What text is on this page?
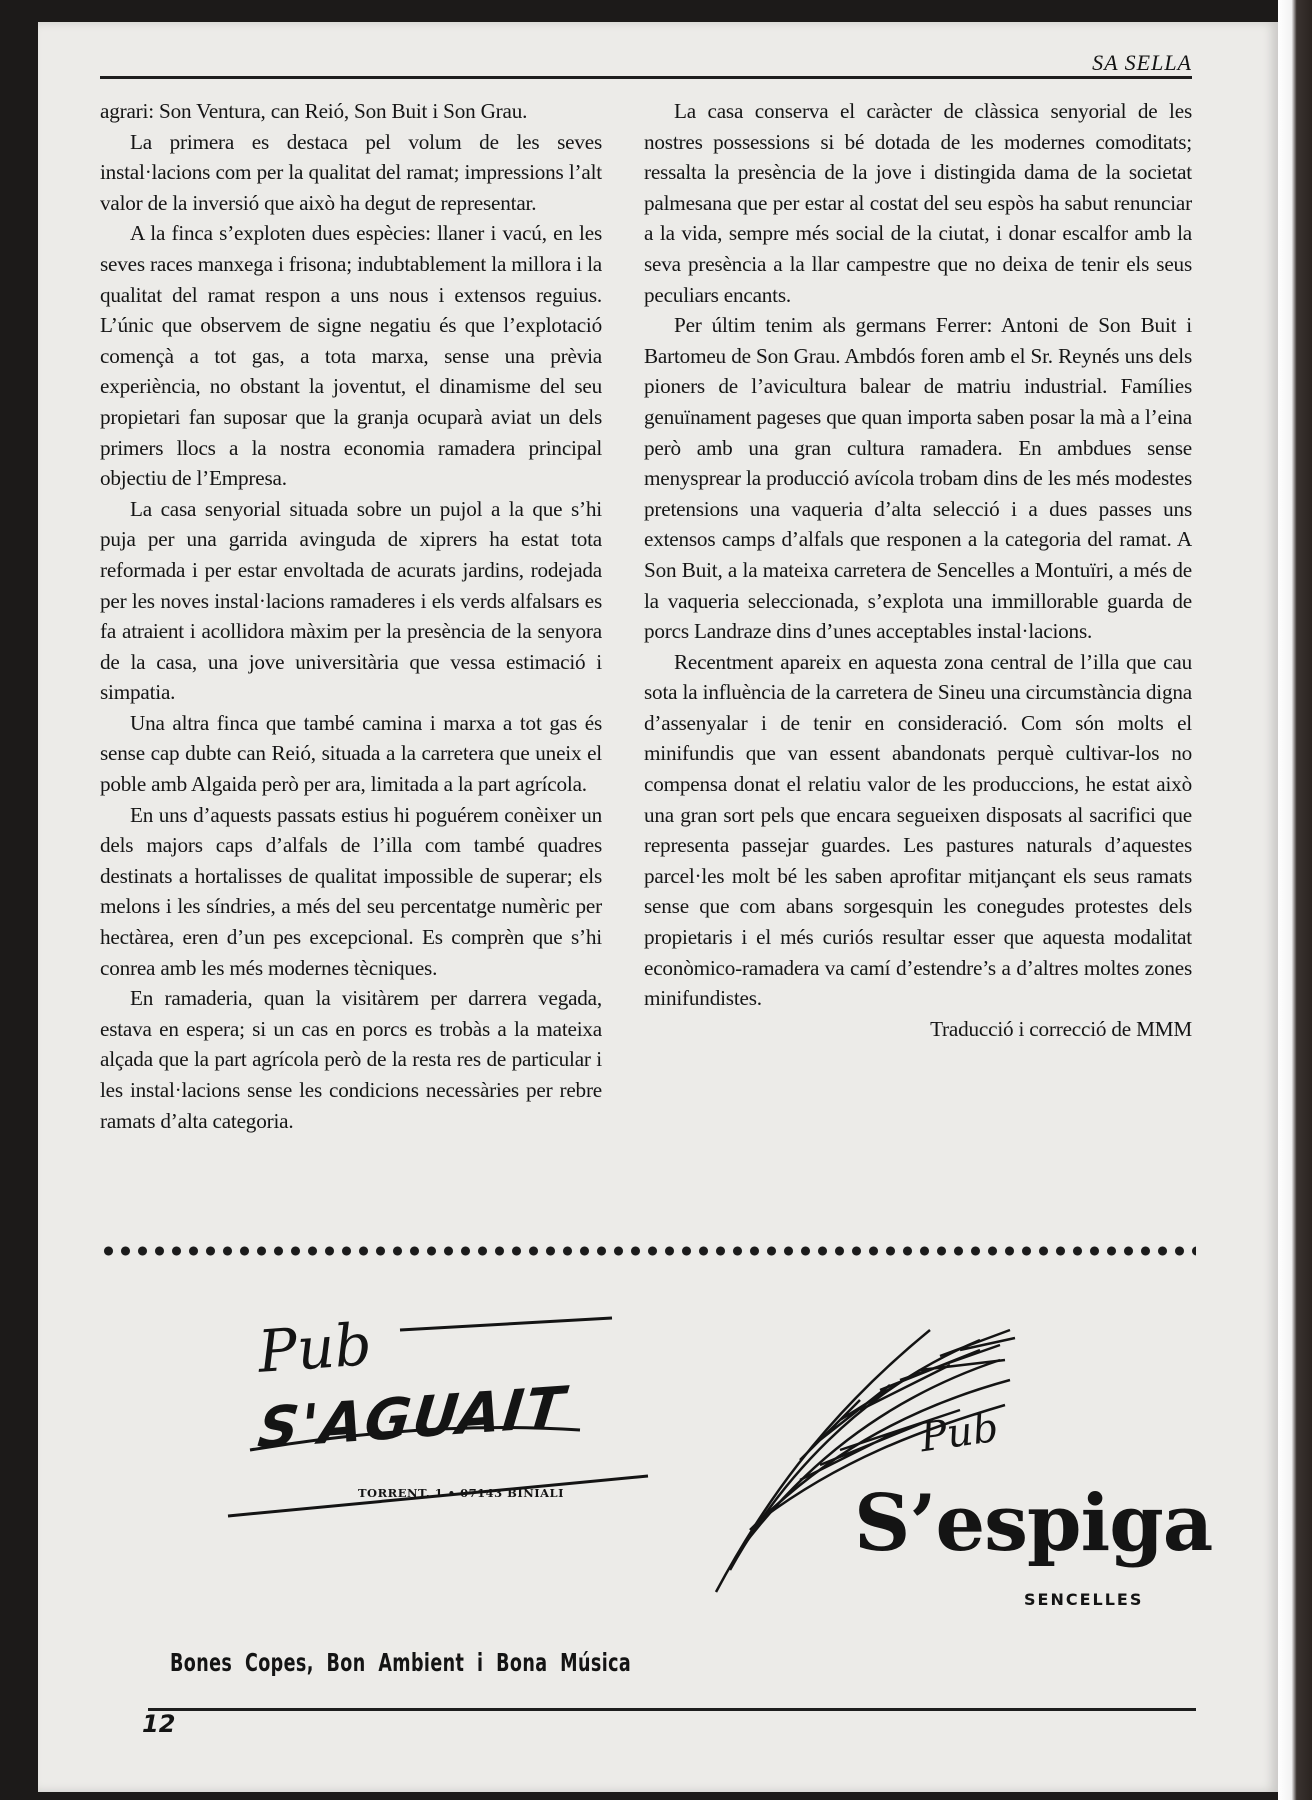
SA SELLA

agrari: Son Ventura, can Reió, Son Buit i Son Grau.

La primera es destaca pel volum de les seves instal·lacions com per la qualitat del ramat; impressions l’alt valor de la inversió que això ha degut de representar.

A la finca s’exploten dues espècies: llaner i vacú, en les seves races manxega i frisona; indubtablement la millora i la qualitat del ramat respon a uns nous i extensos reguius. L’únic que observem de signe negatiu és que l’explotació començà a tot gas, a tota marxa, sense una prèvia experiència, no obstant la joventut, el dinamisme del seu propietari fan suposar que la granja ocuparà aviat un dels primers llocs a la nostra economia ramadera principal objectiu de l’Empresa.

La casa senyorial situada sobre un pujol a la que s’hi puja per una garrida avinguda de xiprers ha estat tota reformada i per estar envoltada de acurats jardins, rodejada per les noves instal·lacions ramaderes i els verds alfalsars es fa atraient i acollidora màxim per la presència de la senyora de la casa, una jove universitària que vessa estimació i simpatia.

Una altra finca que també camina i marxa a tot gas és sense cap dubte can Reió, situada a la carretera que uneix el poble amb Algaida però per ara, limitada a la part agrícola.

En uns d’aquests passats estius hi poguérem conèixer un dels majors caps d’alfals de l’illa com també quadres destinats a hortalisses de qualitat impossible de superar; els melons i les síndries, a més del seu percentatge numèric per hectàrea, eren d’un pes excepcional. Es comprèn que s’hi conrea amb les més modernes tècniques.

En ramaderia, quan la visitàrem per darrera vegada, estava en espera; si un cas en porcs es trobàs a la mateixa alçada que la part agrícola però de la resta res de particular i les instal·lacions sense les condicions necessàries per rebre ramats d’alta categoria.

La casa conserva el caràcter de clàssica senyorial de les nostres possessions si bé dotada de les modernes comoditats; ressalta la presència de la jove i distingida dama de la societat palmesana que per estar al costat del seu espòs ha sabut renunciar a la vida, sempre més social de la ciutat, i donar escalfor amb la seva presència a la llar campestre que no deixa de tenir els seus peculiars encants.

Per últim tenim als germans Ferrer: Antoni de Son Buit i Bartomeu de Son Grau. Ambdós foren amb el Sr. Reynés uns dels pioners de l’avicultura balear de matriu industrial. Famílies genuïnament pageses que quan importa saben posar la mà a l’eina però amb una gran cultura ramadera. En ambdues sense menysprear la producció avícola trobam dins de les més modestes pretensions una vaqueria d’alta selecció i a dues passes uns extensos camps d’alfals que responen a la categoria del ramat. A Son Buit, a la mateixa carretera de Sencelles a Montuïri, a més de la vaqueria seleccionada, s’explota una immillorable guarda de porcs Landraze dins d’unes acceptables instal·lacions.

Recentment apareix en aquesta zona central de l’illa que cau sota la influència de la carretera de Sineu una circumstància digna d’assenyalar i de tenir en consideració. Com són molts el minifundis que van essent abandonats perquè cultivar-los no compensa donat el relatiu valor de les produccions, he estat això una gran sort pels que encara segueixen disposats al sacrifici que representa passejar guardes. Les pastures naturals d’aquestes parcel·les molt bé les saben aprofitar mitjançant els seus ramats sense que com abans sorgesquin les conegudes protestes dels propietaris i el més curiós resultar esser que aquesta modalitat econòmico-ramadera va camí d’estendre’s a d’altres moltes zones minifundistes.

Traducció i correcció de MMM

Pub
S'AGUAIT
TORRENT, 1 • 07143 BINIALI
Pub
S’espiga
SENCELLES
Bones Copes, Bon Ambient i Bona Música
12
